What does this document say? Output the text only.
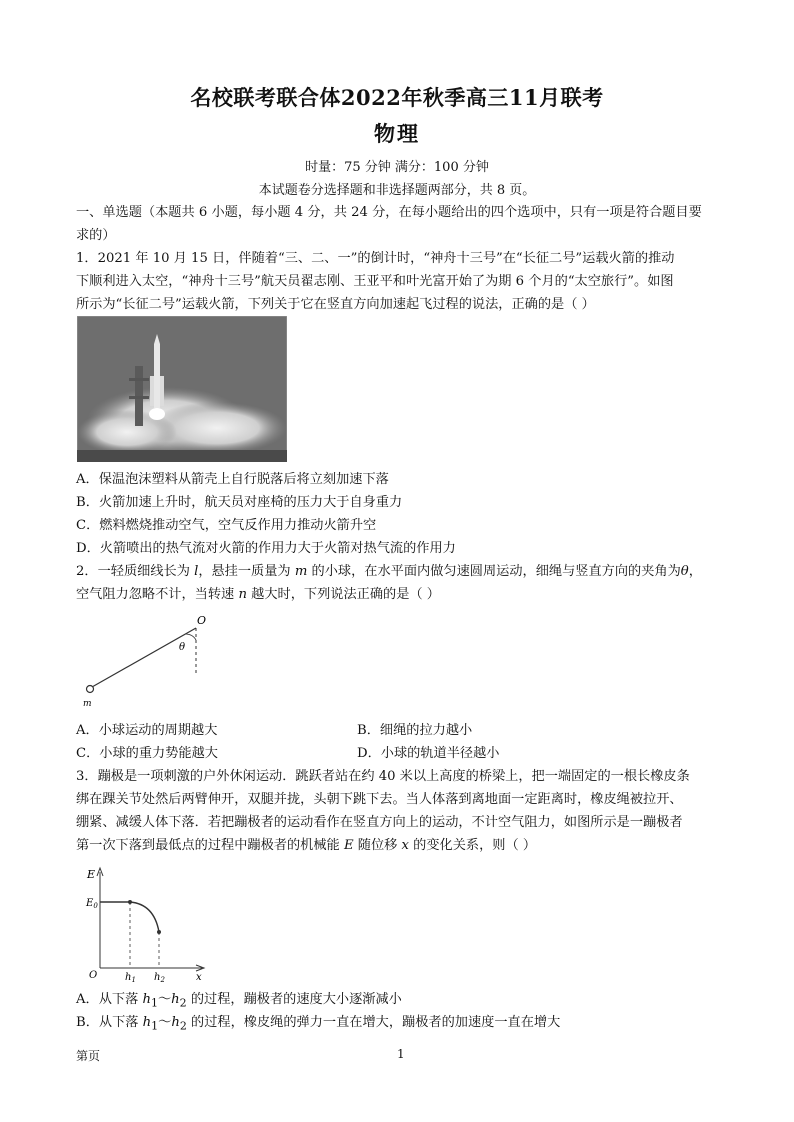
名校联考联合体2022年秋季高三11月联考
物理
时量：75 分钟 满分：100 分钟
本试题卷分选择题和非选择题两部分，共 8 页。
一、单选题（本题共 6 小题，每小题 4 分，共 24 分，在每小题给出的四个选项中，只有一项是符合题目要
求的）
1．2021 年 10 月 15 日，伴随着“三、二、一”的倒计时，“神舟十三号”在“长征二号”运载火箭的推动
下顺利进入太空，“神舟十三号”航天员翟志刚、王亚平和叶光富开始了为期 6 个月的“太空旅行”。如图
所示为“长征二号”运载火箭，下列关于它在竖直方向加速起飞过程的说法，正确的是（ ）
A．保温泡沫塑料从箭壳上自行脱落后将立刻加速下落
B．火箭加速上升时，航天员对座椅的压力大于自身重力
C．燃料燃烧推动空气，空气反作用力推动火箭升空
D．火箭喷出的热气流对火箭的作用力大于火箭对热气流的作用力
2．一轻质细线长为 l，悬挂一质量为 m 的小球，在水平面内做匀速圆周运动，细绳与竖直方向的夹角为θ，
空气阻力忽略不计，当转速 n 越大时，下列说法正确的是（ ）
O
θ
m
A．小球运动的周期越大	B．细绳的拉力越小
C．小球的重力势能越大	D．小球的轨道半径越小
3．蹦极是一项刺激的户外休闲运动．跳跃者站在约 40 米以上高度的桥梁上，把一端固定的一根长橡皮条
绑在踝关节处然后两臂伸开，双腿并拢，头朝下跳下去。当人体落到离地面一定距离时，橡皮绳被拉开、
绷紧、减缓人体下落．若把蹦极者的运动看作在竖直方向上的运动，不计空气阻力，如图所示是一蹦极者
第一次下落到最低点的过程中蹦极者的机械能 E 随位移 x 的变化关系，则（ ）
E
$E_0$
O	$h_1$ $h_2$	x
A．从下落 $h_1\sim h_2$ 的过程，蹦极者的速度大小逐渐减小
B．从下落 $h_1\sim h_2$ 的过程，橡皮绳的弹力一直在增大，蹦极者的加速度一直在增大
第页	1
